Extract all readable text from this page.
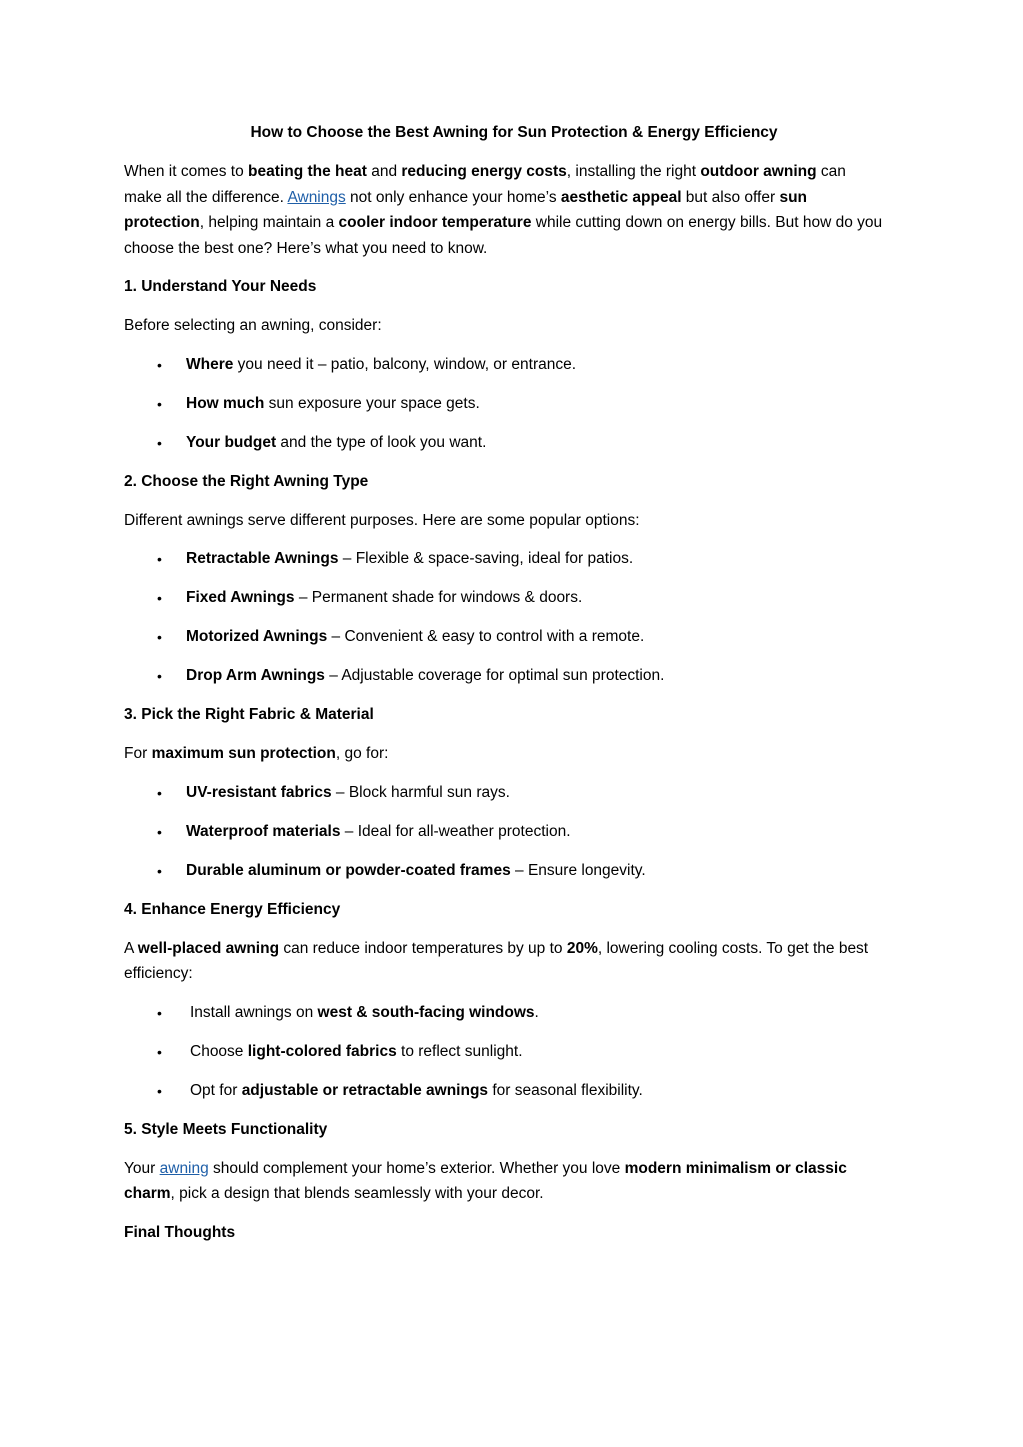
How to Choose the Best Awning for Sun Protection & Energy Efficiency

When it comes to beating the heat and reducing energy costs, installing the right outdoor awning can make all the difference. Awnings not only enhance your home’s aesthetic appeal but also offer sun protection, helping maintain a cooler indoor temperature while cutting down on energy bills. But how do you choose the best one? Here’s what you need to know.

1. Understand Your Needs

Before selecting an awning, consider:

• Where you need it – patio, balcony, window, or entrance.
• How much sun exposure your space gets.
• Your budget and the type of look you want.
2. Choose the Right Awning Type

Different awnings serve different purposes. Here are some popular options:

• Retractable Awnings – Flexible & space-saving, ideal for patios.
• Fixed Awnings – Permanent shade for windows & doors.
• Motorized Awnings – Convenient & easy to control with a remote.
• Drop Arm Awnings – Adjustable coverage for optimal sun protection.
3. Pick the Right Fabric & Material

For maximum sun protection, go for:

• UV-resistant fabrics – Block harmful sun rays.
• Waterproof materials – Ideal for all-weather protection.
• Durable aluminum or powder-coated frames – Ensure longevity.
4. Enhance Energy Efficiency

A well-placed awning can reduce indoor temperatures by up to 20%, lowering cooling costs. To get the best efficiency:

• Install awnings on west & south-facing windows.
• Choose light-colored fabrics to reflect sunlight.
• Opt for adjustable or retractable awnings for seasonal flexibility.
5. Style Meets Functionality

Your awning should complement your home’s exterior. Whether you love modern minimalism or classic charm, pick a design that blends seamlessly with your decor.

Final Thoughts
